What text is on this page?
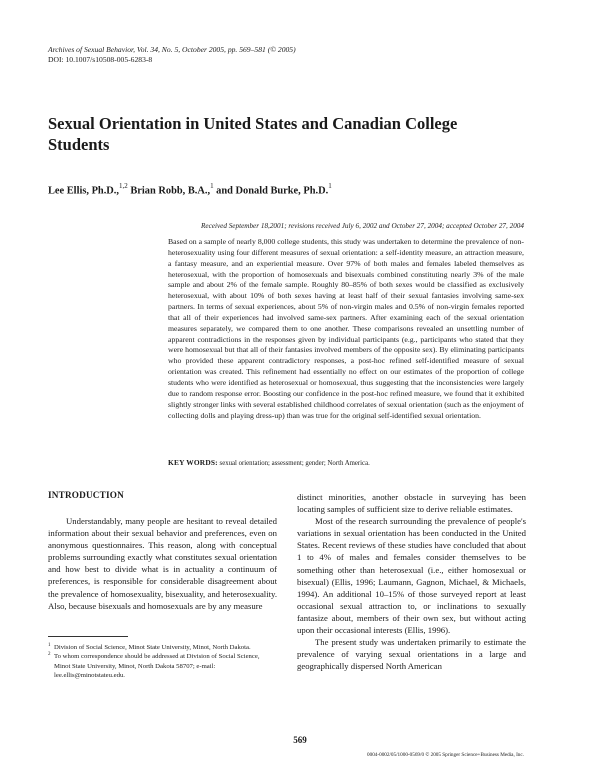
Archives of Sexual Behavior, Vol. 34, No. 5, October 2005, pp. 569–581 (© 2005)
DOI: 10.1007/s10508-005-6283-8
Sexual Orientation in United States and Canadian College Students
Lee Ellis, Ph.D.,$^{1,2}$ Brian Robb, B.A.,$^1$ and Donald Burke, Ph.D.$^1$
Received September 18,2001; revisions received July 6, 2002 and October 27, 2004; accepted October 27, 2004

Based on a sample of nearly 8,000 college students, this study was undertaken to determine the prevalence of non-heterosexuality using four different measures of sexual orientation: a self-identity measure, an attraction measure, a fantasy measure, and an experiential measure. Over 97% of both males and females labeled themselves as heterosexual, with the proportion of homosexuals and bisexuals combined constituting nearly 3% of the male sample and about 2% of the female sample. Roughly 80–85% of both sexes would be classified as exclusively heterosexual, with about 10% of both sexes having at least half of their sexual fantasies involving same-sex partners. In terms of sexual experiences, about 5% of non-virgin males and 0.5% of non-virgin females reported that all of their experiences had involved same-sex partners. After examining each of the sexual orientation measures separately, we compared them to one another. These comparisons revealed an unsettling number of apparent contradictions in the responses given by individual participants (e.g., participants who stated that they were homosexual but that all of their fantasies involved members of the opposite sex). By eliminating participants who provided these apparent contradictory responses, a post-hoc refined self-identified measure of sexual orientation was created. This refinement had essentially no effect on our estimates of the proportion of college students who were identified as heterosexual or homosexual, thus suggesting that the inconsistencies were largely due to random response error. Boosting our confidence in the post-hoc refined measure, we found that it exhibited slightly stronger links with several established childhood correlates of sexual orientation (such as the enjoyment of collecting dolls and playing dress-up) than was true for the original self-identified sexual orientation.

KEY WORDS: sexual orientation; assessment; gender; North America.
INTRODUCTION

Understandably, many people are hesitant to reveal detailed information about their sexual behavior and preferences, even on anonymous questionnaires. This reason, along with conceptual problems surrounding exactly what constitutes sexual orientation and how best to divide what is in actuality a continuum of preferences, is responsible for considerable disagreement about the prevalence of homosexuality, bisexuality, and heterosexuality. Also, because bisexuals and homosexuals are by any measure

distinct minorities, another obstacle in surveying has been locating samples of sufficient size to derive reliable estimates.

Most of the research surrounding the prevalence of people's variations in sexual orientation has been conducted in the United States. Recent reviews of these studies have concluded that about 1 to 4% of males and females consider themselves to be something other than heterosexual (i.e., either homosexual or bisexual) (Ellis, 1996; Laumann, Gagnon, Michael, & Michaels, 1994). An additional 10–15% of those surveyed report at least occasional sexual attraction to, or inclinations to sexually fantasize about, members of their own sex, but without acting upon their occasional interests (Ellis, 1996).

The present study was undertaken primarily to estimate the prevalence of varying sexual orientations in a large and geographically dispersed North American

1 Division of Social Science, Minot State University, Minot, North Dakota.
2 To whom correspondence should be addressed at Division of Social Science, Minot State University, Minot, North Dakota 58707; e-mail: lee.ellis@minotstateu.edu.
569
0004-0002/05/1000-0569/0 © 2005 Springer Science+Business Media, Inc.
